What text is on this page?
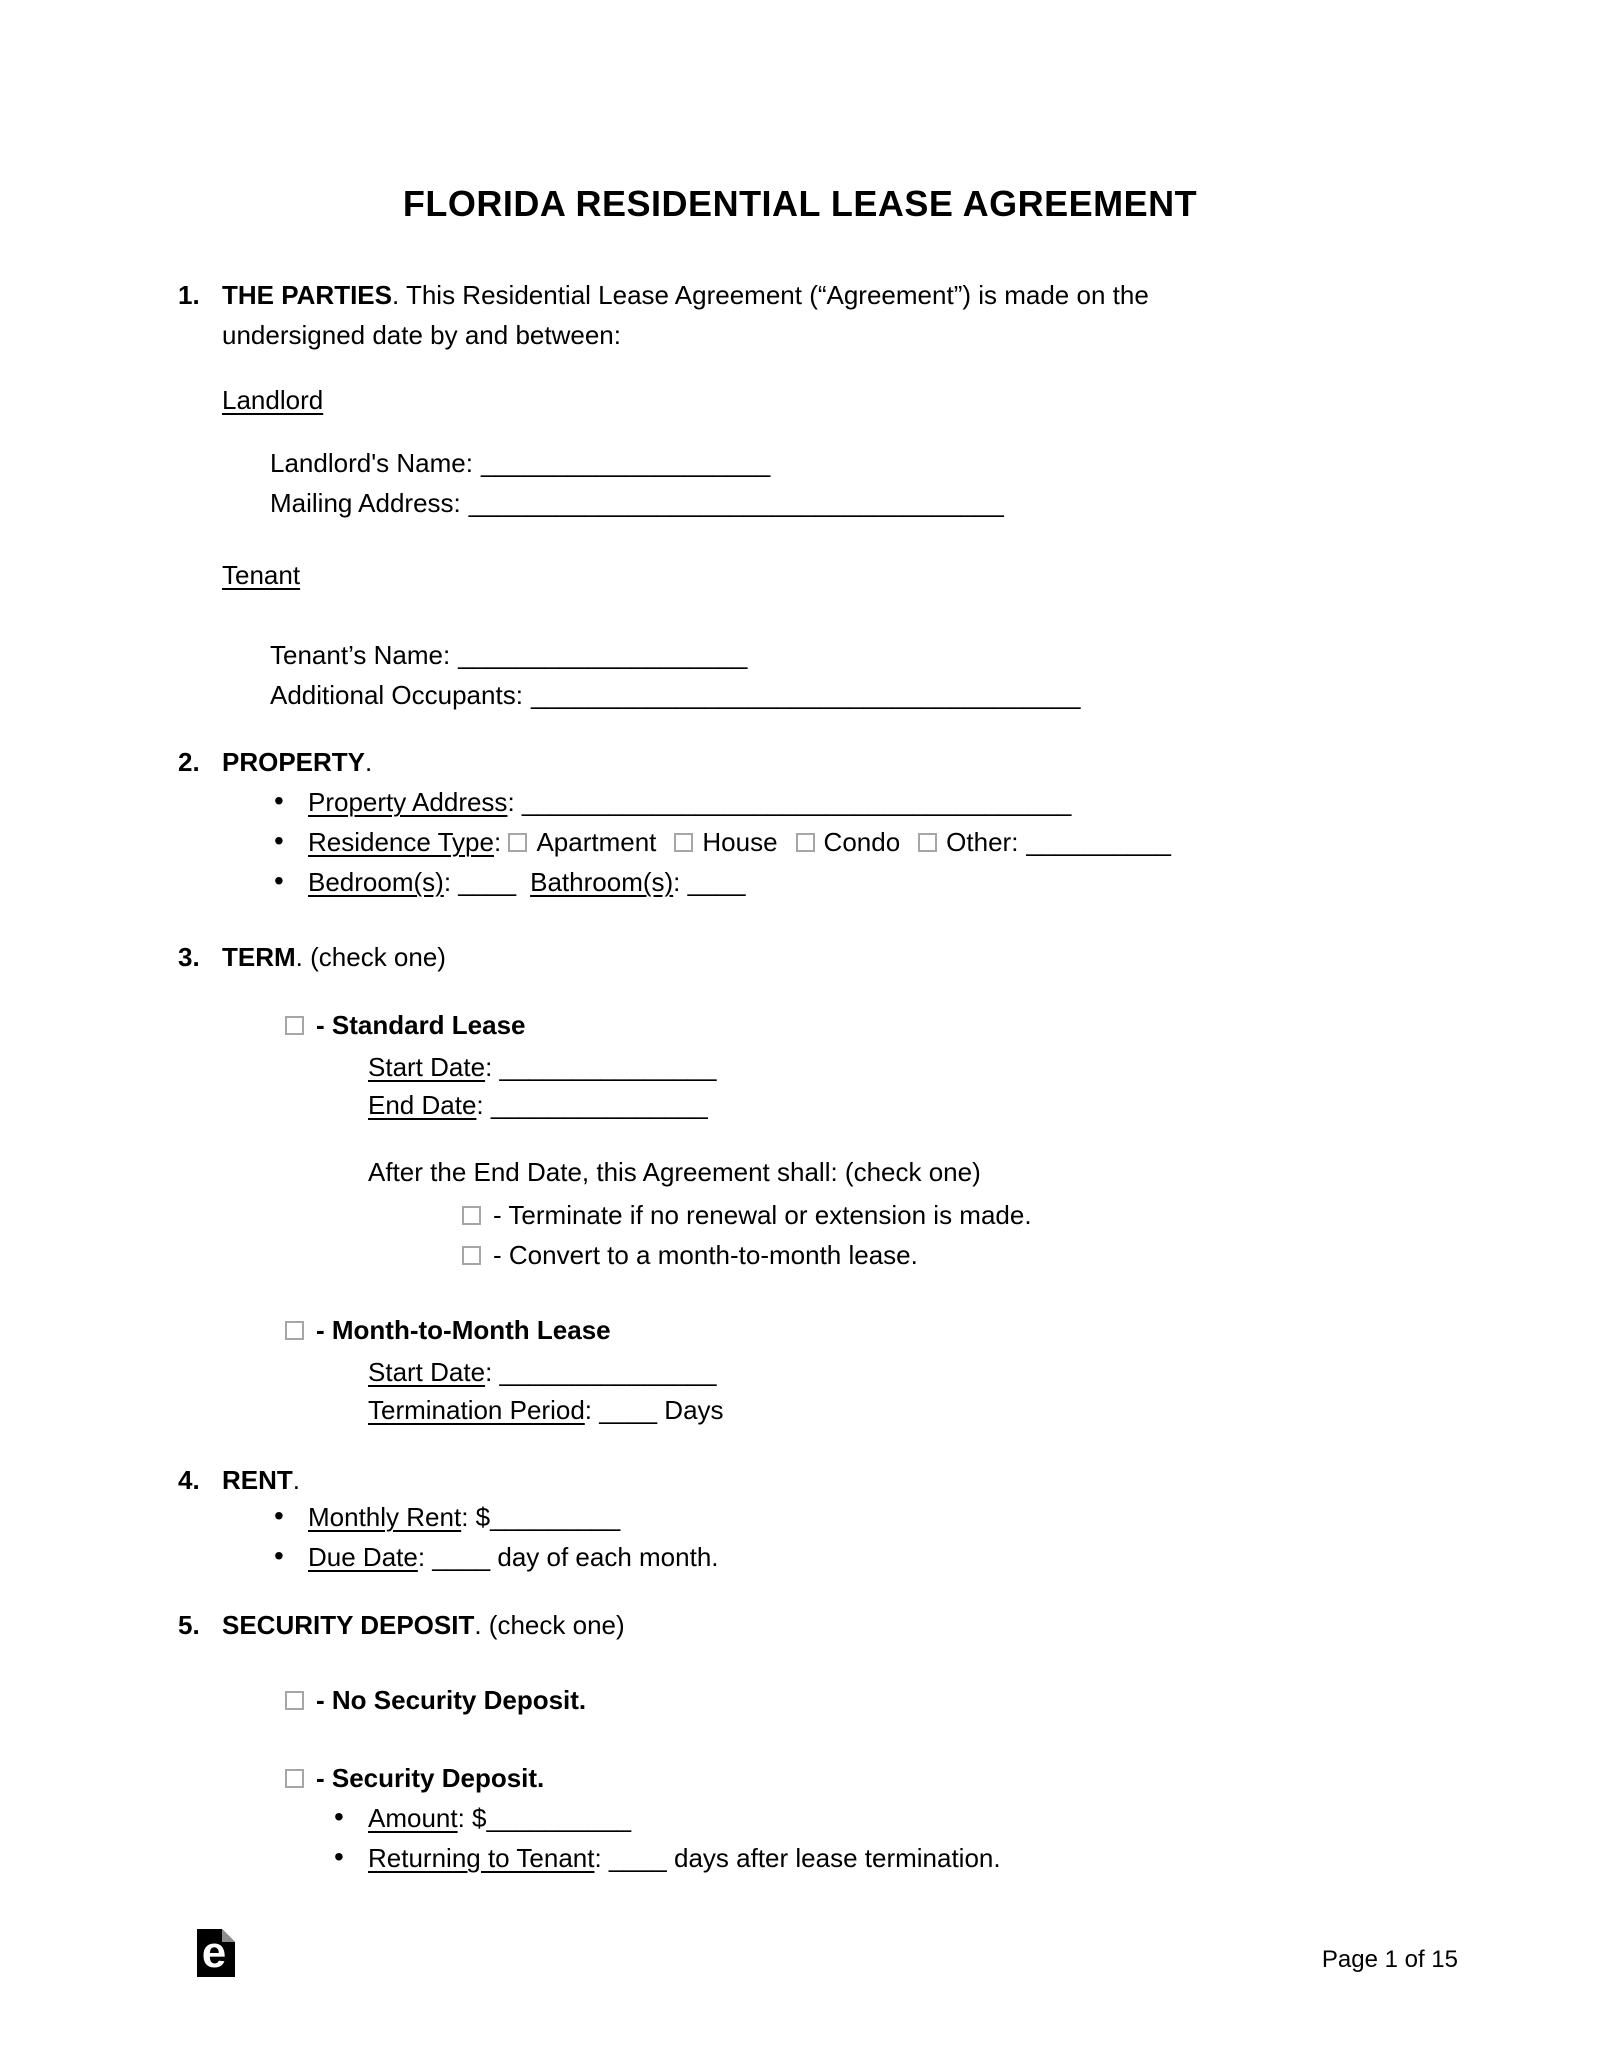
FLORIDA RESIDENTIAL LEASE AGREEMENT
1. THE PARTIES. This Residential Lease Agreement (“Agreement”) is made on the
undersigned date by and between:
Landlord
Landlord's Name: ____________________
Mailing Address: _____________________________________
Tenant
Tenant’s Name: ____________________
Additional Occupants: ______________________________________
2. PROPERTY.
• Property Address: ______________________________________
• Residence Type: Apartment House Condo Other: __________
• Bedroom(s): ____ Bathroom(s): ____
3. TERM. (check one)
- Standard Lease
Start Date: _______________
End Date: _______________
After the End Date, this Agreement shall: (check one)
- Terminate if no renewal or extension is made.
- Convert to a month-to-month lease.
- Month-to-Month Lease
Start Date: _______________
Termination Period: ____ Days
4. RENT.
• Monthly Rent: $_________
• Due Date: ____ day of each month.
5. SECURITY DEPOSIT. (check one)
- No Security Deposit.
- Security Deposit.
• Amount: $__________
• Returning to Tenant: ____ days after lease termination.
e	Page 1 of 15
